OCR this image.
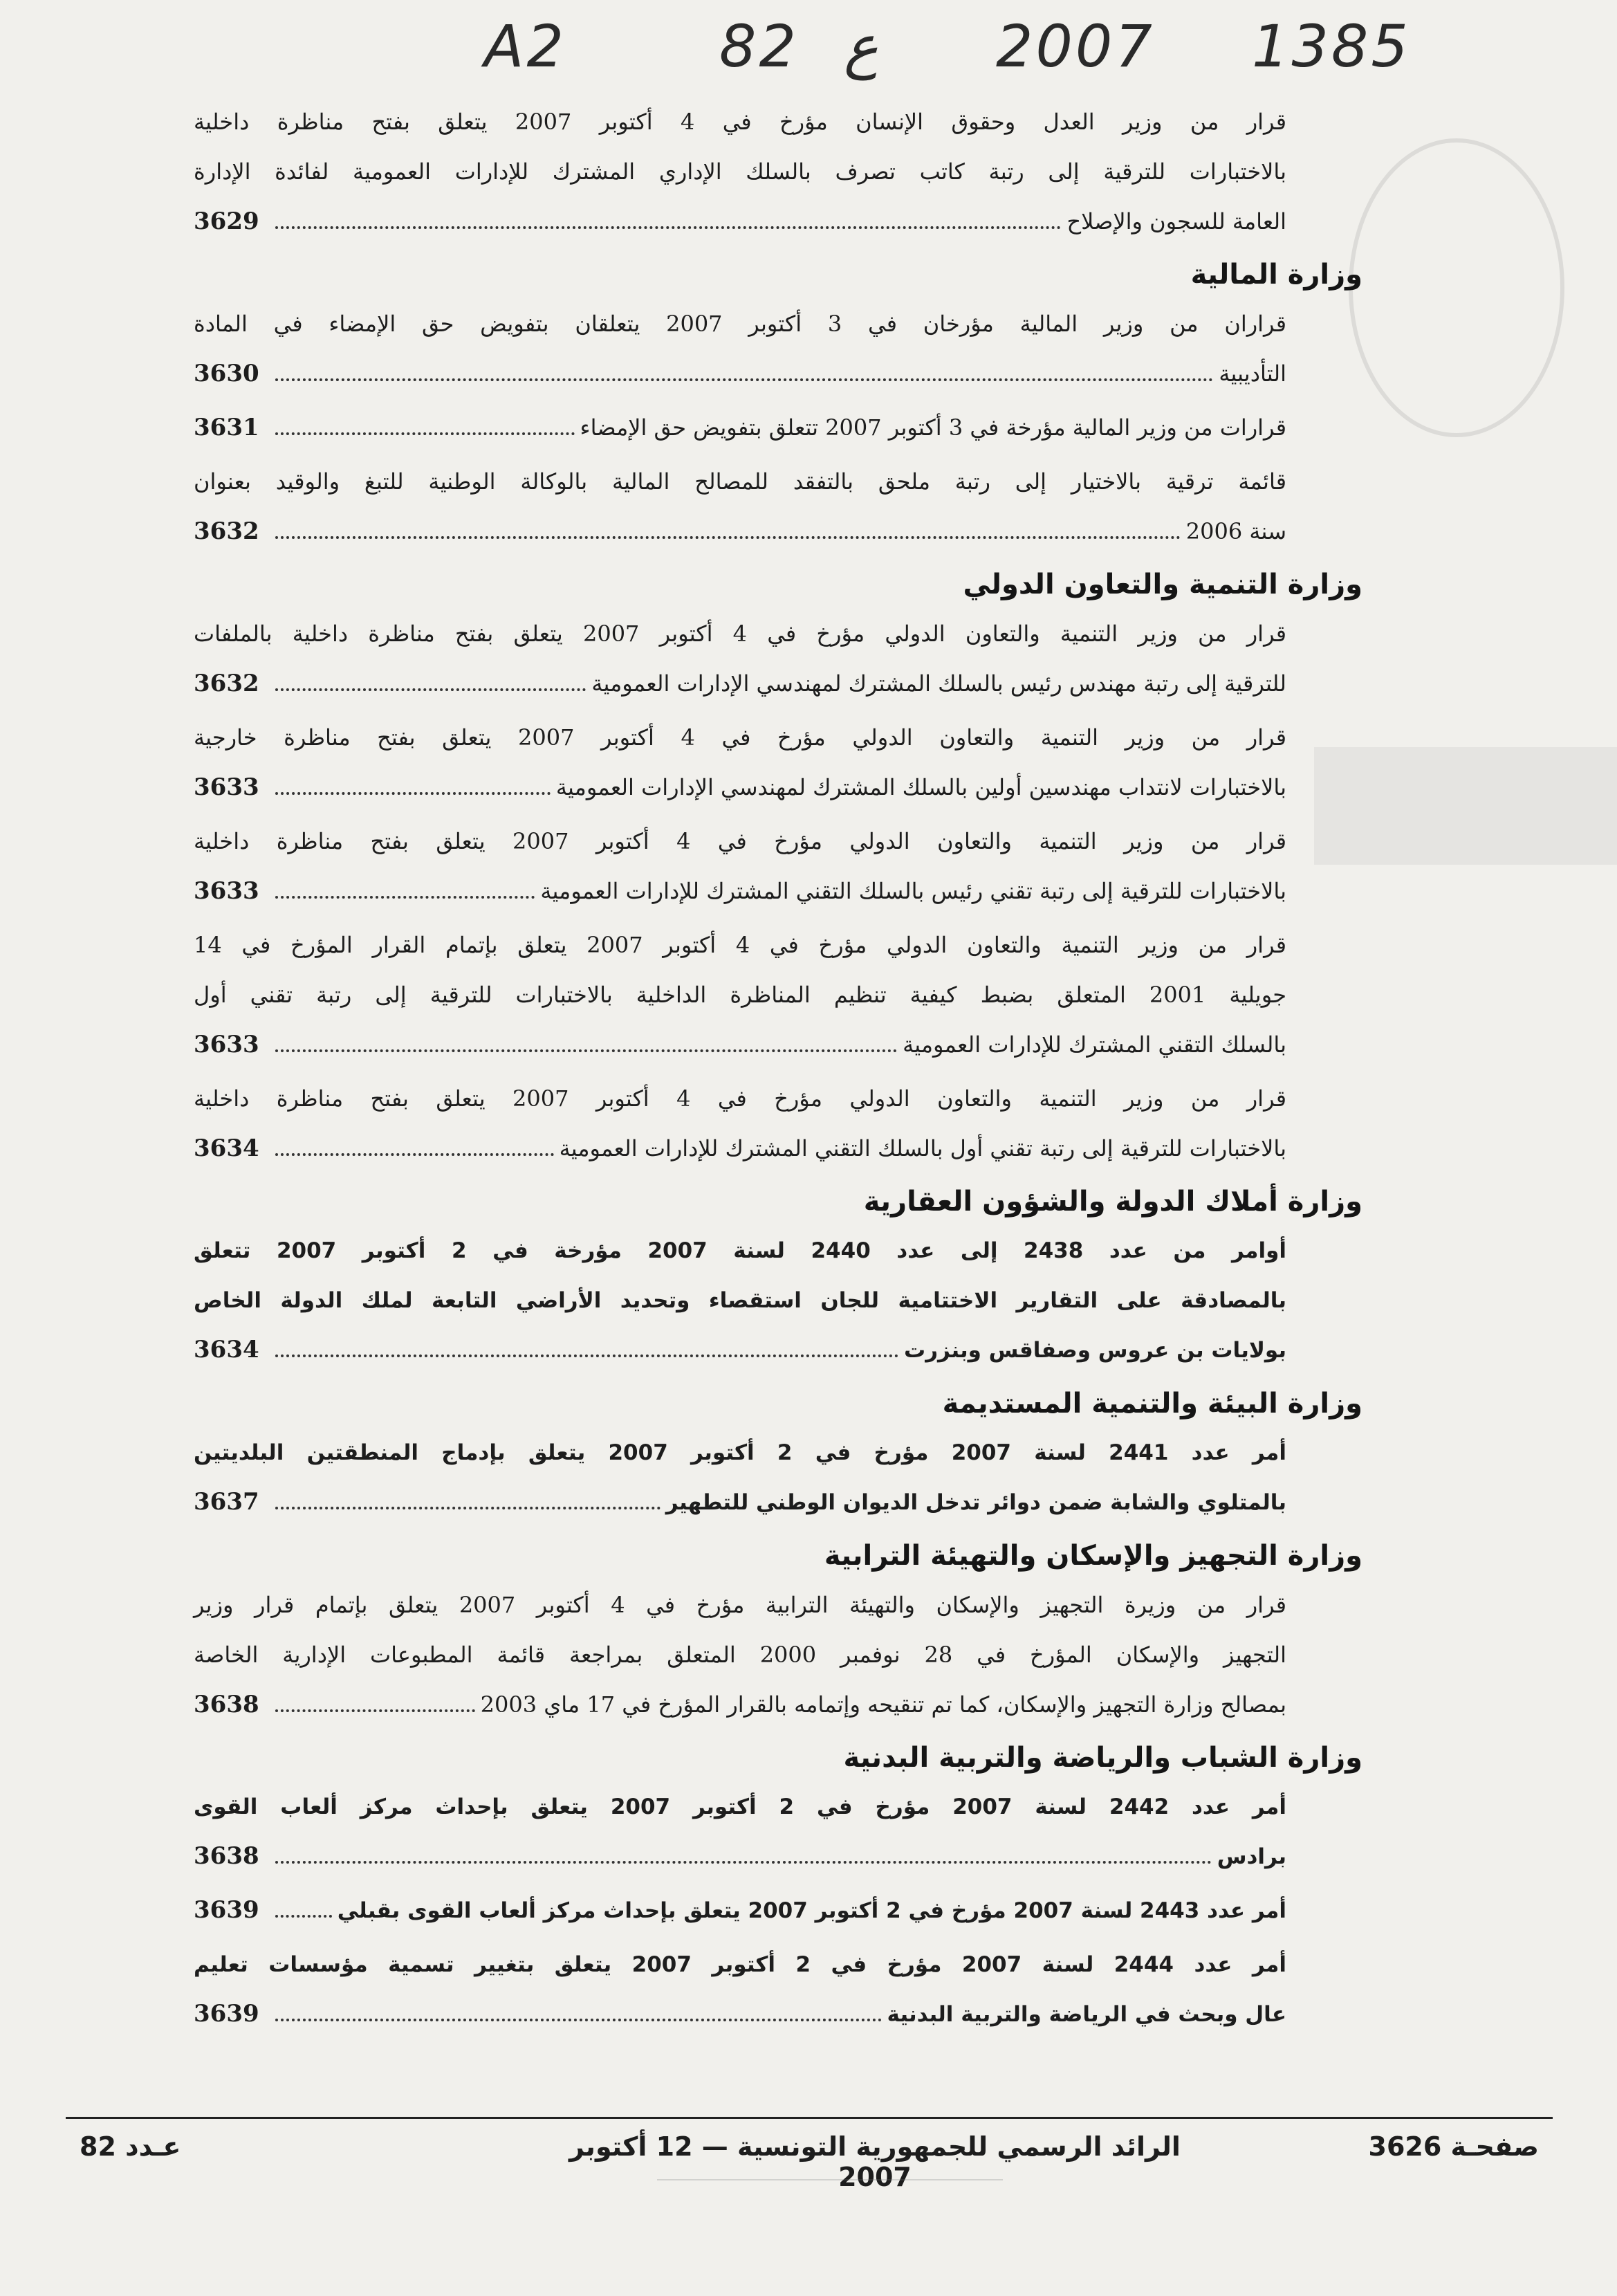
A2	82 ع 2007 1385
قرار من وزير العدل وحقوق الإنسان مؤرخ في 4 أكتوبر 2007 يتعلق بفتح مناظرة داخلية
بالاختبارات للترقية إلى رتبة كاتب تصرف بالسلك الإداري المشترك للإدارات العمومية لفائدة الإدارة
العامة للسجون والإصلاح
3629
وزارة المالية
قراران من وزير المالية مؤرخان في 3 أكتوبر 2007 يتعلقان بتفويض حق الإمضاء في المادة
التأديبية
3630
قرارات من وزير المالية مؤرخة في 3 أكتوبر 2007 تتعلق بتفويض حق الإمضاء
3631
قائمة ترقية بالاختيار إلى رتبة ملحق بالتفقد للمصالح المالية بالوكالة الوطنية للتبغ والوقيد بعنوان
سنة 2006
3632
وزارة التنمية والتعاون الدولي
قرار من وزير التنمية والتعاون الدولي مؤرخ في 4 أكتوبر 2007 يتعلق بفتح مناظرة داخلية بالملفات
للترقية إلى رتبة مهندس رئيس بالسلك المشترك لمهندسي الإدارات العمومية
3632
قرار من وزير التنمية والتعاون الدولي مؤرخ في 4 أكتوبر 2007 يتعلق بفتح مناظرة خارجية
بالاختبارات لانتداب مهندسين أولين بالسلك المشترك لمهندسي الإدارات العمومية
3633
قرار من وزير التنمية والتعاون الدولي مؤرخ في 4 أكتوبر 2007 يتعلق بفتح مناظرة داخلية
بالاختبارات للترقية إلى رتبة تقني رئيس بالسلك التقني المشترك للإدارات العمومية
3633
قرار من وزير التنمية والتعاون الدولي مؤرخ في 4 أكتوبر 2007 يتعلق بإتمام القرار المؤرخ في 14
جويلية 2001 المتعلق بضبط كيفية تنظيم المناظرة الداخلية بالاختبارات للترقية إلى رتبة تقني أول
بالسلك التقني المشترك للإدارات العمومية
3633
قرار من وزير التنمية والتعاون الدولي مؤرخ في 4 أكتوبر 2007 يتعلق بفتح مناظرة داخلية
بالاختبارات للترقية إلى رتبة تقني أول بالسلك التقني المشترك للإدارات العمومية
3634
وزارة أملاك الدولة والشؤون العقارية
أوامر من عدد 2438 إلى عدد 2440 لسنة 2007 مؤرخة في 2 أكتوبر 2007 تتعلق
بالمصادقة على التقارير الاختتامية للجان استقصاء وتحديد الأراضي التابعة لملك الدولة الخاص
بولايات بن عروس وصفاقس وبنزرت
3634
وزارة البيئة والتنمية المستديمة
أمر عدد 2441 لسنة 2007 مؤرخ في 2 أكتوبر 2007 يتعلق بإدماج المنطقتين البلديتين
بالمتلوي والشابة ضمن دوائر تدخل الديوان الوطني للتطهير
3637
وزارة التجهيز والإسكان والتهيئة الترابية
قرار من وزيرة التجهيز والإسكان والتهيئة الترابية مؤرخ في 4 أكتوبر 2007 يتعلق بإتمام قرار وزير
التجهيز والإسكان المؤرخ في 28 نوفمبر 2000 المتعلق بمراجعة قائمة المطبوعات الإدارية الخاصة
بمصالح وزارة التجهيز والإسكان، كما تم تنقيحه وإتمامه بالقرار المؤرخ في 17 ماي 2003
3638
وزارة الشباب والرياضة والتربية البدنية
أمر عدد 2442 لسنة 2007 مؤرخ في 2 أكتوبر 2007 يتعلق بإحداث مركز ألعاب القوى
برادس
3638
أمر عدد 2443 لسنة 2007 مؤرخ في 2 أكتوبر 2007 يتعلق بإحداث مركز ألعاب القوى بقبلي
3639
أمر عدد 2444 لسنة 2007 مؤرخ في 2 أكتوبر 2007 يتعلق بتغيير تسمية مؤسسات تعليم
عال وبحث في الرياضة والتربية البدنية
3639
صفحـة 3626
الرائد الرسمي للجمهورية التونسية — 12 أكتوبر 2007
عـدد 82
